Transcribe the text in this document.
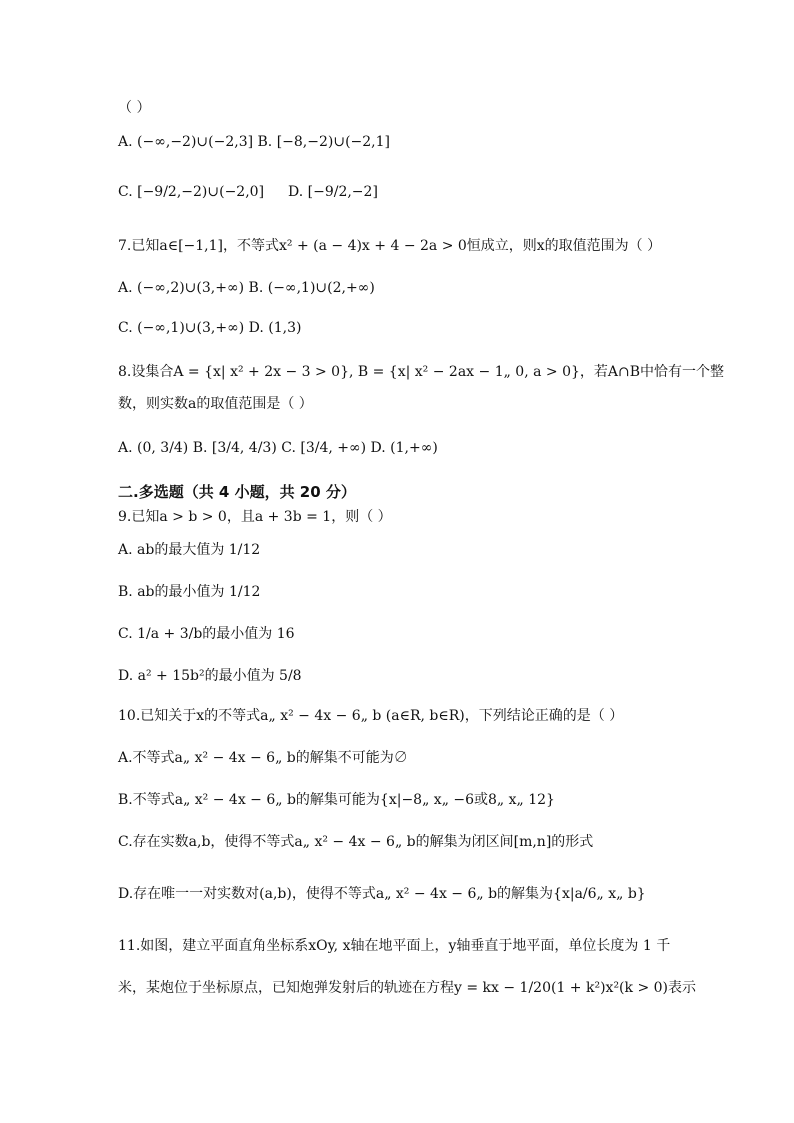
（ ）
A. (−∞,−2)∪(−2,3] B. [−8,−2)∪(−2,1]
C. [−9/2,−2)∪(−2,0] D. [−9/2,−2]
7.已知a∈[−1,1]，不等式x² + (a − 4)x + 4 − 2a > 0恒成立，则x的取值范围为（ ）
A. (−∞,2)∪(3,+∞) B. (−∞,1)∪(2,+∞)
C. (−∞,1)∪(3,+∞) D. (1,3)
8.设集合A = {x| x² + 2x − 3 > 0}, B = {x| x² − 2ax − 1„ 0, a > 0}，若A∩B中恰有一个整
数，则实数a的取值范围是（ ）
A. (0, 3/4) B. [3/4, 4/3) C. [3/4, +∞) D. (1,+∞)
二.多选题（共 4 小题，共 20 分）
9.已知a > b > 0，且a + 3b = 1，则（ ）
A. ab的最大值为 1/12
B. ab的最小值为 1/12
C. 1/a + 3/b的最小值为 16
D. a² + 15b²的最小值为 5/8
10.已知关于x的不等式a„ x² − 4x − 6„ b (a∈R, b∈R)，下列结论正确的是（ ）
A.不等式a„ x² − 4x − 6„ b的解集不可能为∅
B.不等式a„ x² − 4x − 6„ b的解集可能为{x|−8„ x„ −6或8„ x„ 12}
C.存在实数a,b，使得不等式a„ x² − 4x − 6„ b的解集为闭区间[m,n]的形式
D.存在唯一一对实数对(a,b)，使得不等式a„ x² − 4x − 6„ b的解集为{x|a/6„ x„ b}
11.如图，建立平面直角坐标系xOy, x轴在地平面上，y轴垂直于地平面，单位长度为 1 千
米，某炮位于坐标原点，已知炮弹发射后的轨迹在方程y = kx − 1/20(1 + k²)x²(k > 0)表示
